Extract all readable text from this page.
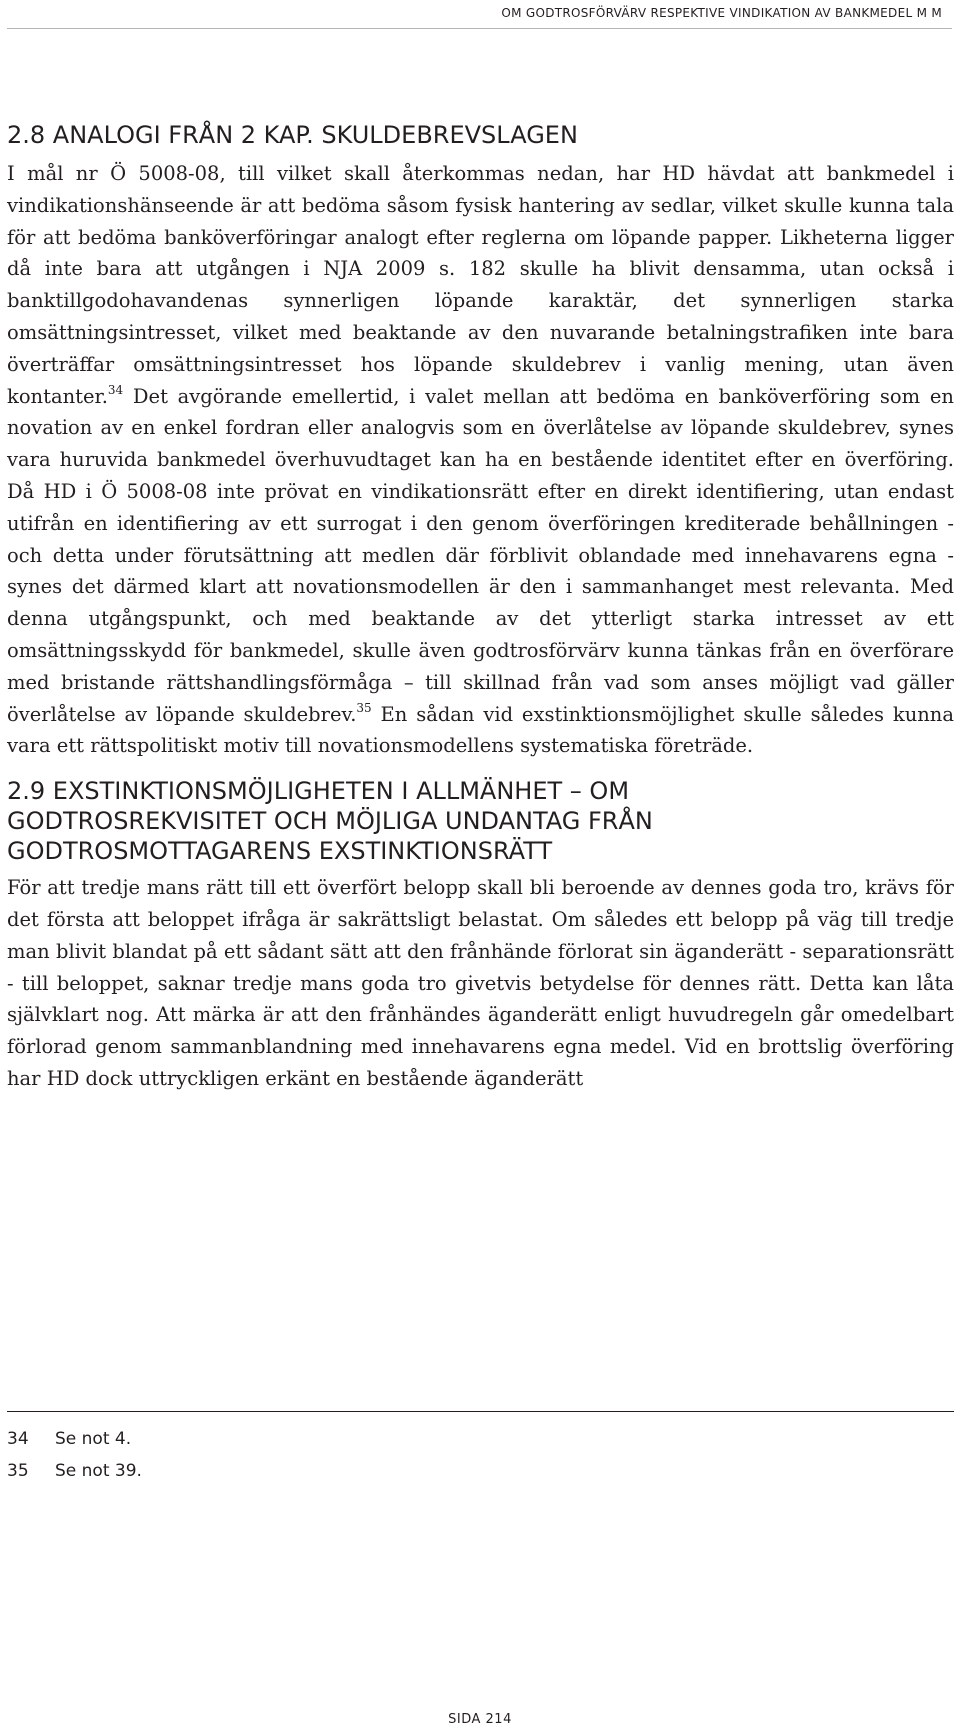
OM GODTROSFÖRVÄRV RESPEKTIVE VINDIKATION AV BANKMEDEL M M
2.8 ANALOGI FRÅN 2 KAP. SKULDEBREVSLAGEN

I mål nr Ö 5008-08, till vilket skall återkommas nedan, har HD hävdat att bankmedel i vindikationshänseende är att bedöma såsom fysisk hantering av sedlar, vilket skulle kunna tala för att bedöma banköverföringar analogt efter reglerna om löpande papper. Likheterna ligger då inte bara att utgången i NJA 2009 s. 182 skulle ha blivit densamma, utan också i banktillgodohavandenas synnerligen löpande karaktär, det synnerligen starka omsättningsintresset, vilket med beaktande av den nuvarande betalningstrafiken inte bara överträffar omsättningsintresset hos löpande skuldebrev i vanlig mening, utan även kontanter.$^{34}$ Det avgörande emellertid, i valet mellan att bedöma en banköverföring som en novation av en enkel fordran eller analogvis som en överlåtelse av löpande skuldebrev, synes vara huruvida bankmedel överhuvudtaget kan ha en bestående identitet efter en överföring. Då HD i Ö 5008-08 inte prövat en vindikationsrätt efter en direkt identifiering, utan endast utifrån en identifiering av ett surrogat i den genom överföringen krediterade behållningen - och detta under förutsättning att medlen där förblivit oblandade med innehavarens egna - synes det därmed klart att novationsmodellen är den i sammanhanget mest relevanta. Med denna utgångspunkt, och med beaktande av det ytterligt starka intresset av ett omsättningsskydd för bankmedel, skulle även godtrosförvärv kunna tänkas från en överförare med bristande rättshandlingsförmåga – till skillnad från vad som anses möjligt vad gäller överlåtelse av löpande skuldebrev.$^{35}$ En sådan vid exstinktionsmöjlighet skulle således kunna vara ett rättspolitiskt motiv till novationsmodellens systematiska företräde.

2.9 EXSTINKTIONSMÖJLIGHETEN I ALLMÄNHET – OM
GODTROSREKVISITET OCH MÖJLIGA UNDANTAG FRÅN
GODTROSMOTTAGARENS EXSTINKTIONSRÄTT

För att tredje mans rätt till ett överfört belopp skall bli beroende av dennes goda tro, krävs för det första att beloppet ifråga är sakrättsligt belastat. Om således ett belopp på väg till tredje man blivit blandat på ett sådant sätt att den frånhände förlorat sin äganderätt - separationsrätt - till beloppet, saknar tredje mans goda tro givetvis betydelse för dennes rätt. Detta kan låta självklart nog. Att märka är att den frånhändes äganderätt enligt huvudregeln går omedelbart förlorad genom sammanblandning med innehavarens egna medel. Vid en brottslig överföring har HD dock uttryckligen erkänt en bestående äganderätt

34 Se not 4.
35 Se not 39.
SIDA 214
